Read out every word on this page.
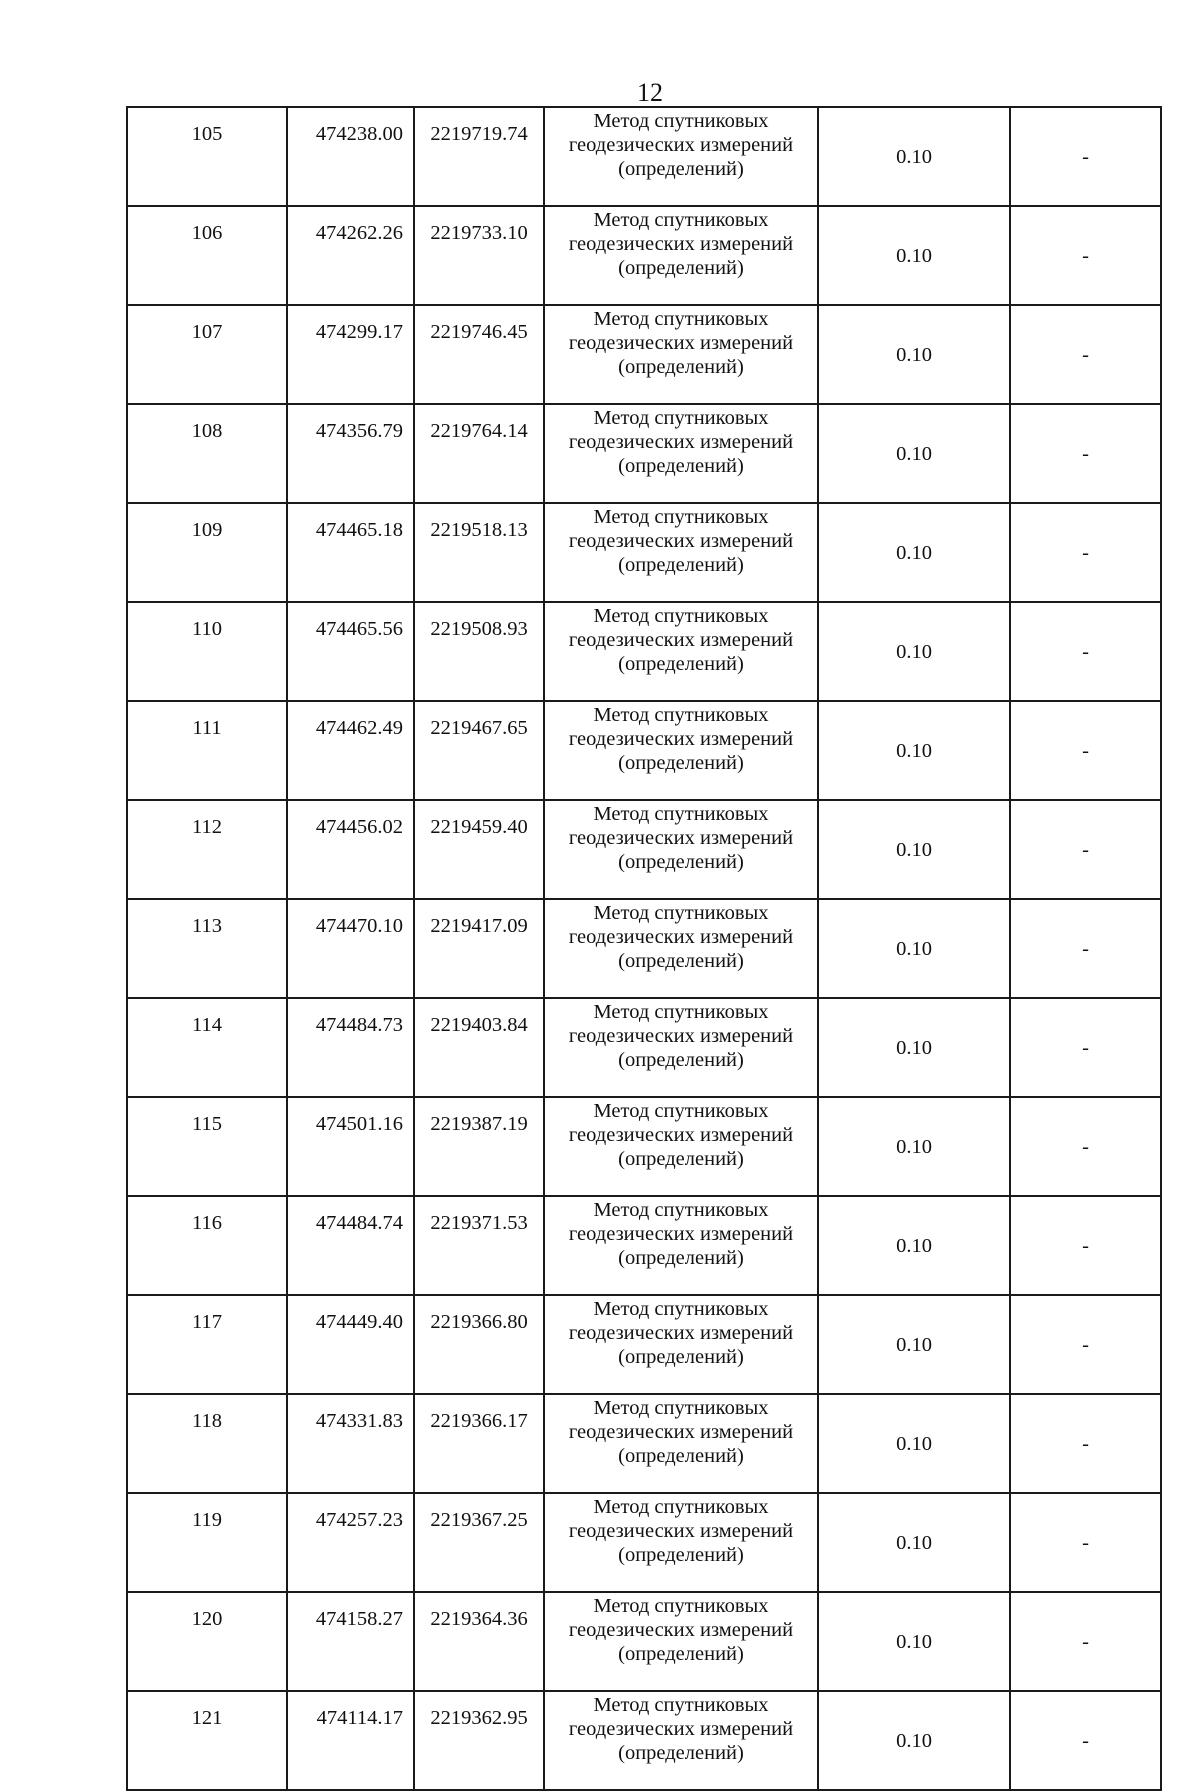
12
105	474238.00	2219719.74	Метод спутниковых
геодезических измерений
(определений)	0.10	-
106	474262.26	2219733.10	Метод спутниковых
геодезических измерений
(определений)	0.10	-
107	474299.17	2219746.45	Метод спутниковых
геодезических измерений
(определений)	0.10	-
108	474356.79	2219764.14	Метод спутниковых
геодезических измерений
(определений)	0.10	-
109	474465.18	2219518.13	Метод спутниковых
геодезических измерений
(определений)	0.10	-
110	474465.56	2219508.93	Метод спутниковых
геодезических измерений
(определений)	0.10	-
111	474462.49	2219467.65	Метод спутниковых
геодезических измерений
(определений)	0.10	-
112	474456.02	2219459.40	Метод спутниковых
геодезических измерений
(определений)	0.10	-
113	474470.10	2219417.09	Метод спутниковых
геодезических измерений
(определений)	0.10	-
114	474484.73	2219403.84	Метод спутниковых
геодезических измерений
(определений)	0.10	-
115	474501.16	2219387.19	Метод спутниковых
геодезических измерений
(определений)	0.10	-
116	474484.74	2219371.53	Метод спутниковых
геодезических измерений
(определений)	0.10	-
117	474449.40	2219366.80	Метод спутниковых
геодезических измерений
(определений)	0.10	-
118	474331.83	2219366.17	Метод спутниковых
геодезических измерений
(определений)	0.10	-
119	474257.23	2219367.25	Метод спутниковых
геодезических измерений
(определений)	0.10	-
120	474158.27	2219364.36	Метод спутниковых
геодезических измерений
(определений)	0.10	-
121	474114.17	2219362.95	Метод спутниковых
геодезических измерений
(определений)	0.10	-
